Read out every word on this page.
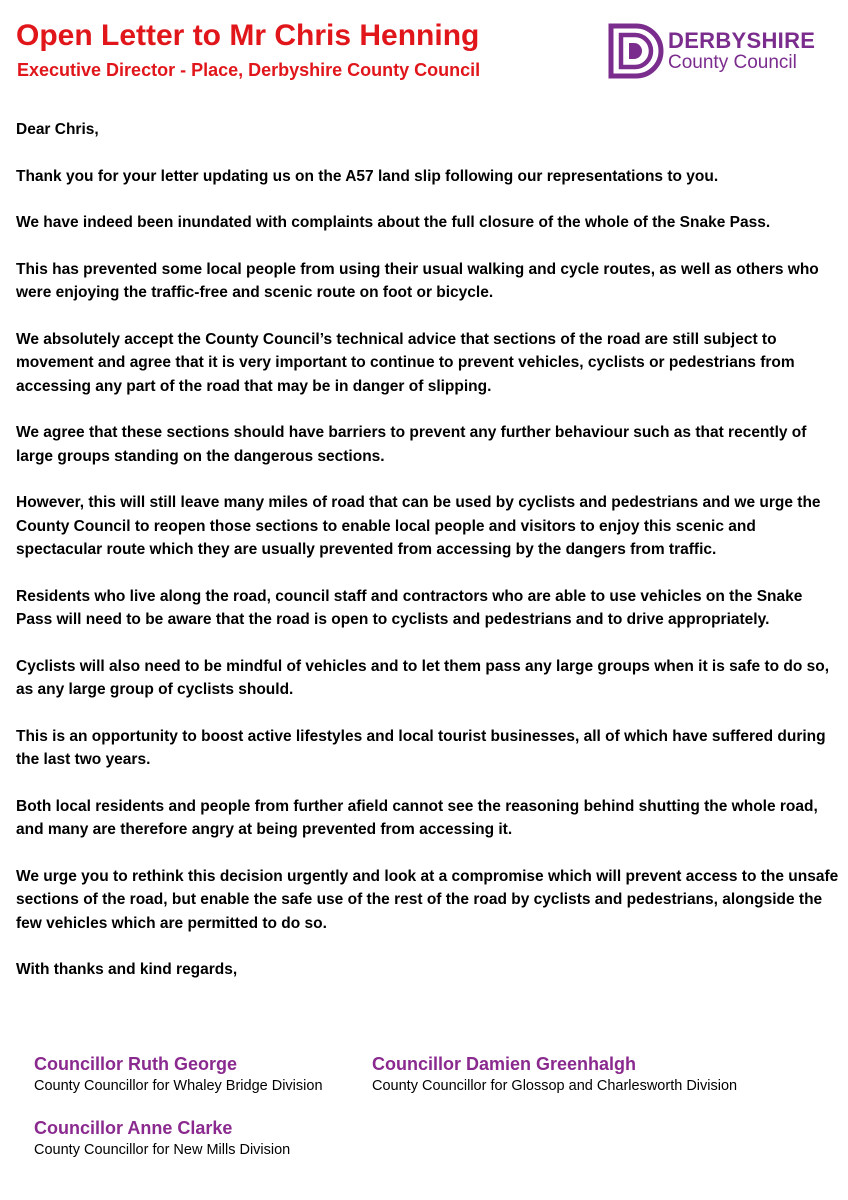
Open Letter to Mr Chris Henning
Executive Director - Place, Derbyshire County Council
DERBYSHIRE
County Council

Dear Chris,

Thank you for your letter updating us on the A57 land slip following our representations to you.

We have indeed been inundated with complaints about the full closure of the whole of the Snake Pass.

This has prevented some local people from using their usual walking and cycle routes, as well as others who were enjoying the traffic-free and scenic route on foot or bicycle.

We absolutely accept the County Council’s technical advice that sections of the road are still subject to movement and agree that it is very important to continue to prevent vehicles, cyclists or pedestrians from accessing any part of the road that may be in danger of slipping.

We agree that these sections should have barriers to prevent any further behaviour such as that recently of large groups standing on the dangerous sections.

However, this will still leave many miles of road that can be used by cyclists and pedestrians and we urge the County Council to reopen those sections to enable local people and visitors to enjoy this scenic and spectacular route which they are usually prevented from accessing by the dangers from traffic.

Residents who live along the road, council staff and contractors who are able to use vehicles on the Snake Pass will need to be aware that the road is open to cyclists and pedestrians and to drive appropriately.

Cyclists will also need to be mindful of vehicles and to let them pass any large groups when it is safe to do so, as any large group of cyclists should.

This is an opportunity to boost active lifestyles and local tourist businesses, all of which have suffered during the last two years.

Both local residents and people from further afield cannot see the reasoning behind shutting the whole road, and many are therefore angry at being prevented from accessing it.

We urge you to rethink this decision urgently and look at a compromise which will prevent access to the unsafe sections of the road, but enable the safe use of the rest of the road by cyclists and pedestrians, alongside the few vehicles which are permitted to do so.

With thanks and kind regards,

Councillor Ruth George
County Councillor for Whaley Bridge Division
Councillor Damien Greenhalgh
County Councillor for Glossop and Charlesworth Division
Councillor Anne Clarke
County Councillor for New Mills Division
